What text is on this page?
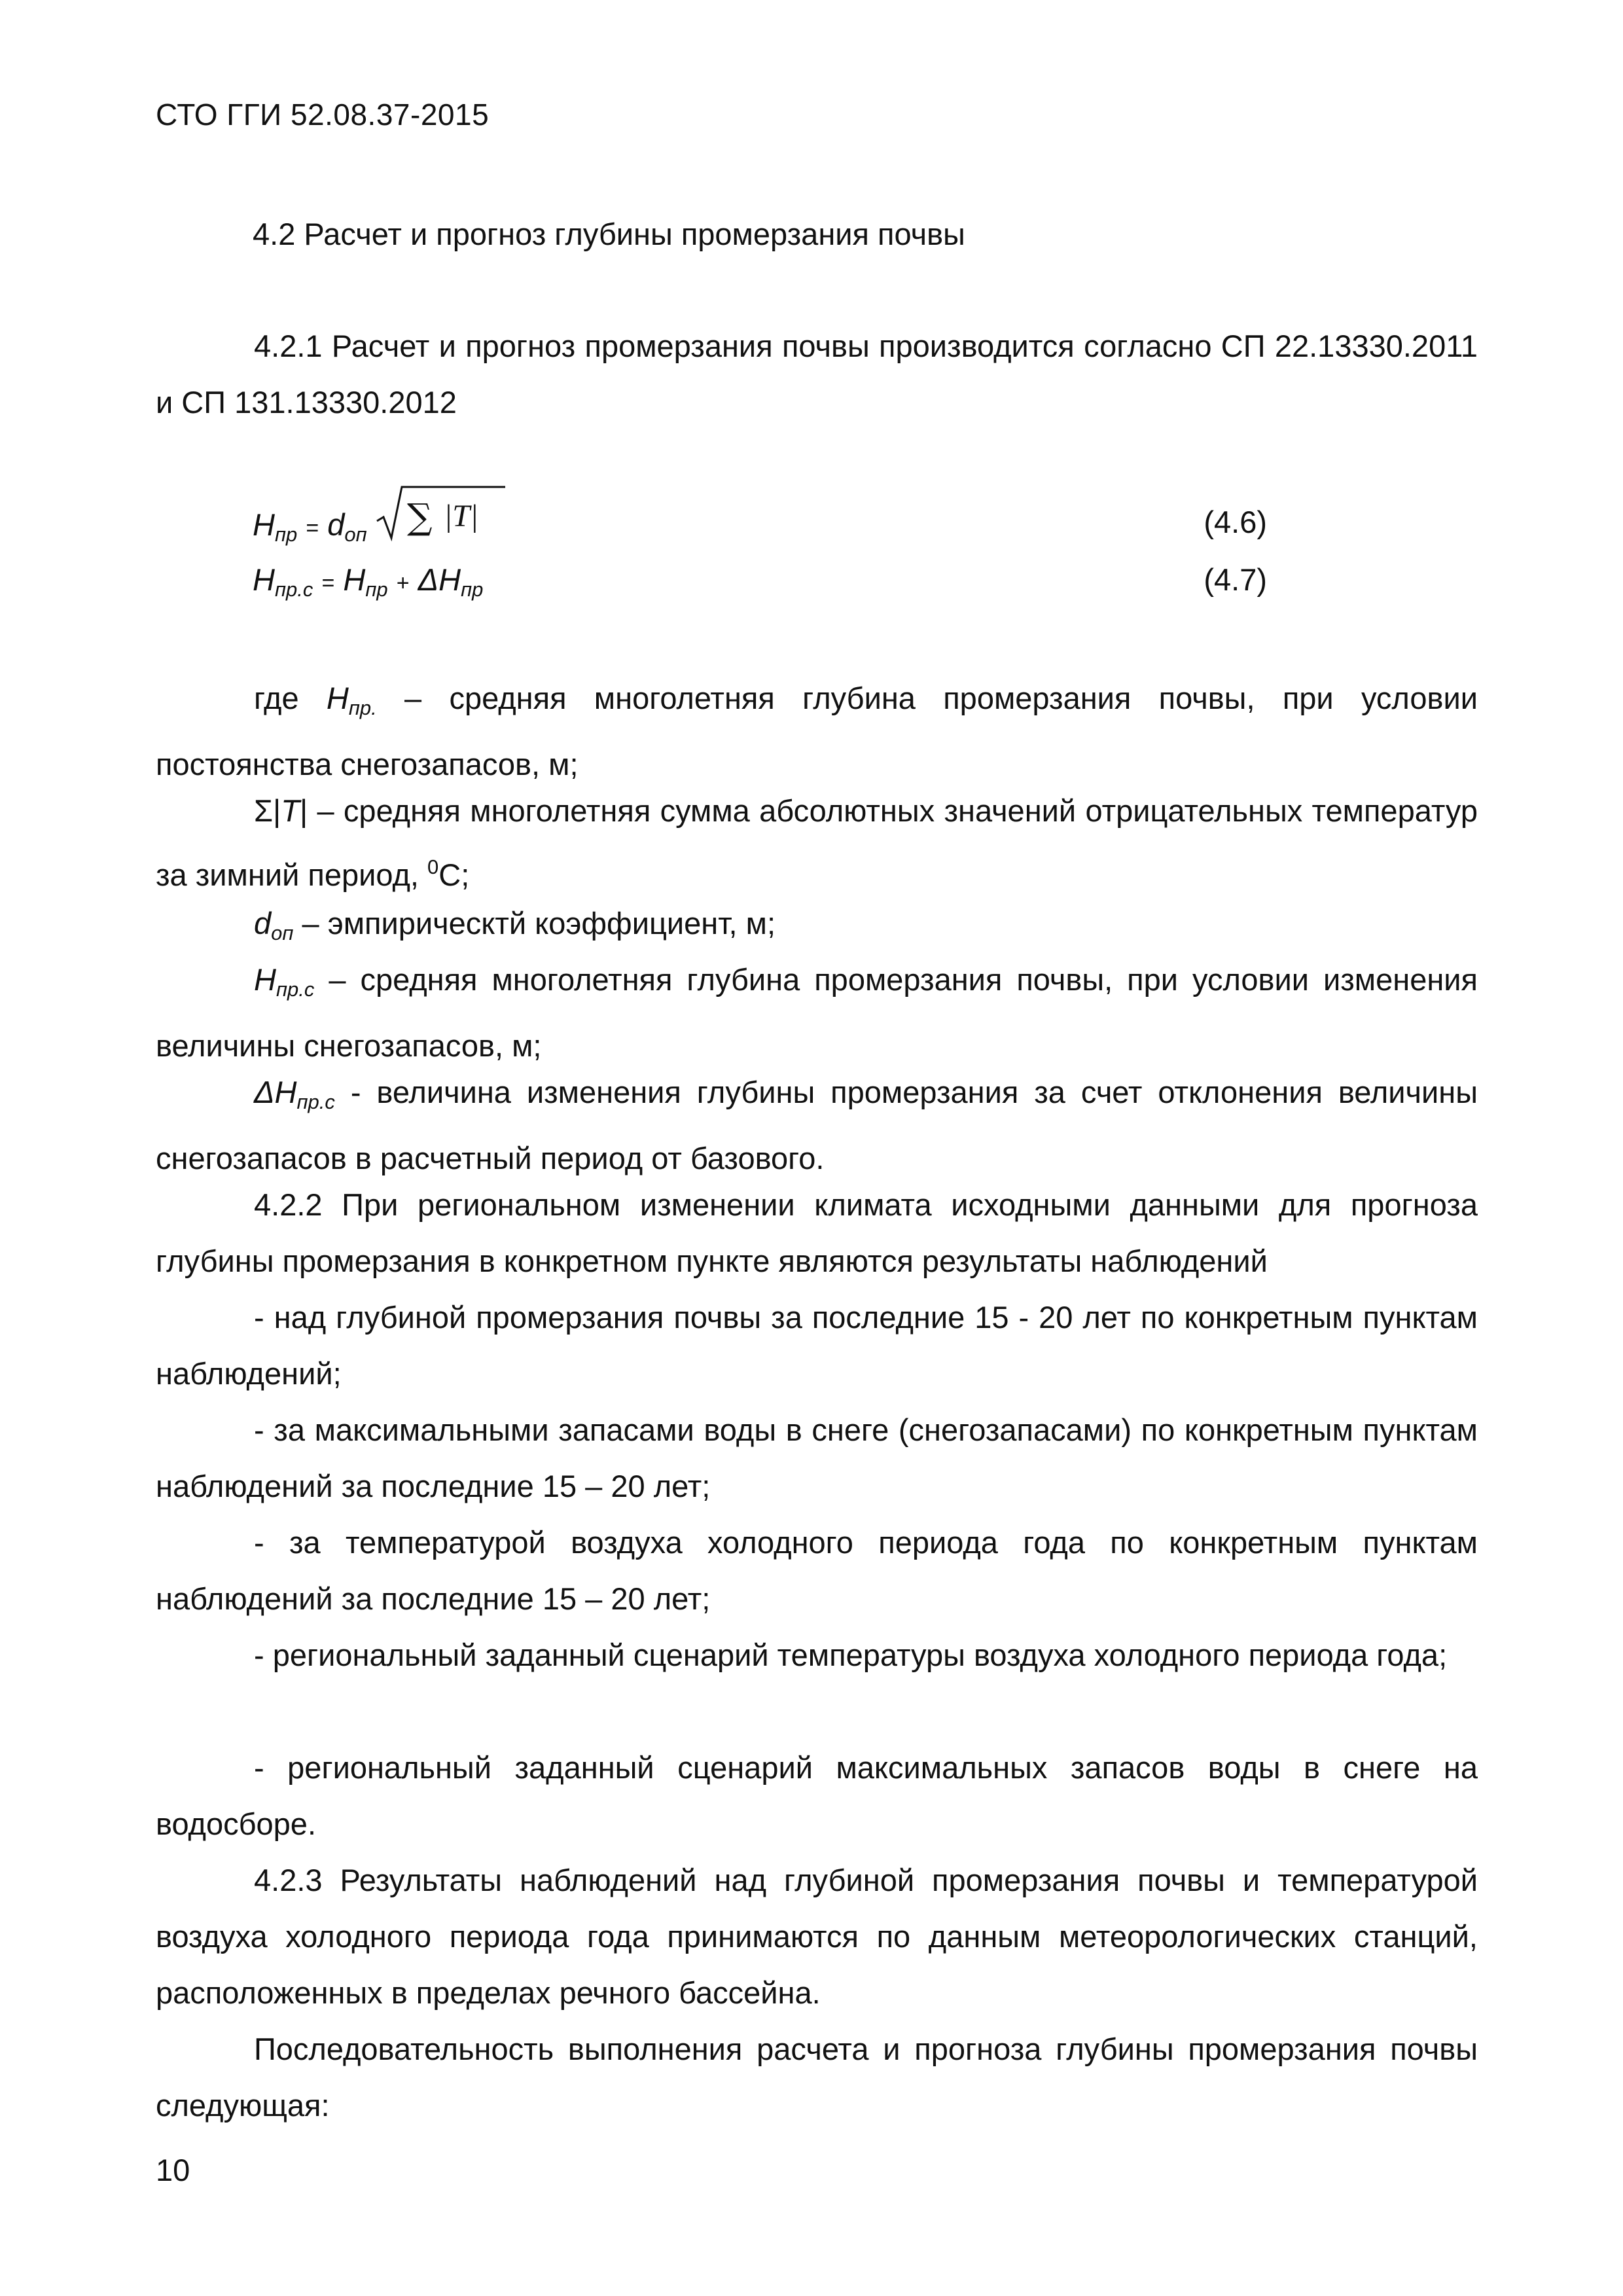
СТО ГГИ 52.08.37-2015
4.2 Расчет и прогноз глубины промерзания почвы
4.2.1 Расчет и прогноз промерзания почвы производится согласно СП 22.13330.2011 и СП 131.13330.2012
$H_{пр} = d_{оп}$ ∑ |T|	(4.6)
$H_{пр.с} = H_{пр} + \Delta H_{пр}$	(4.7)
где $H_{пр.}$ – средняя многолетняя глубина промерзания почвы, при условии постоянства снегозапасов, м;
Σ|T| – средняя многолетняя сумма абсолютных значений отрицательных температур за зимний период, $^0$С;
$d_{оп}$ – эмпирическтй коэффициент, м;
$H_{пр.с}$ – средняя многолетняя глубина промерзания почвы, при условии изменения величины снегозапасов, м;
$\Delta H_{пр.с}$ - величина изменения глубины промерзания за счет отклонения величины снегозапасов в расчетный период от базового.
4.2.2 При региональном изменении климата исходными данными для прогноза глубины промерзания в конкретном пункте являются результаты наблюдений
- над глубиной промерзания почвы за последние 15 - 20 лет по конкретным пунктам наблюдений;
- за максимальными запасами воды в снеге (снегозапасами) по конкретным пунктам наблюдений за последние 15 – 20 лет;
- за температурой воздуха холодного периода года по конкретным пунктам наблюдений за последние 15 – 20 лет;
- региональный заданный сценарий температуры воздуха холодного периода года;
- региональный заданный сценарий максимальных запасов воды в снеге на водосборе.
4.2.3 Результаты наблюдений над глубиной промерзания почвы и температурой воздуха холодного периода года принимаются по данным метеорологических станций, расположенных в пределах речного бассейна.
Последовательность выполнения расчета и прогноза глубины промерзания почвы следующая:
10
